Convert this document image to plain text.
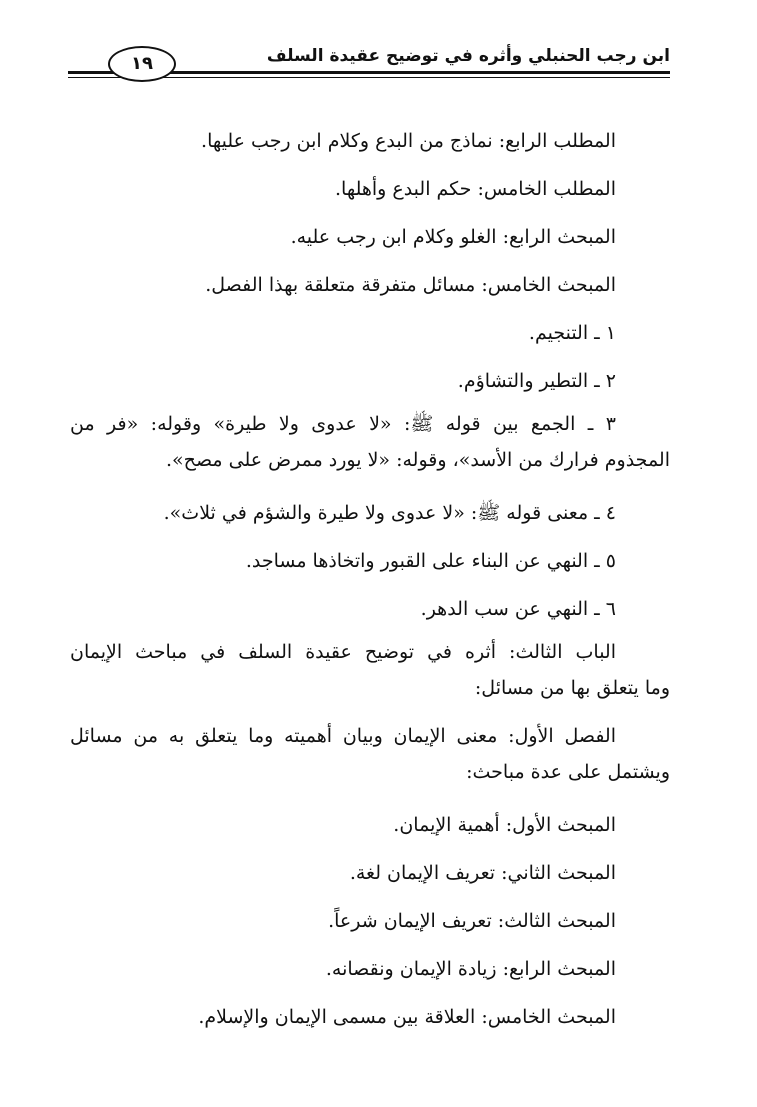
ابن رجب الحنبلي وأثره في توضيح عقيدة السلف
١٩
المطلب الرابع: نماذج من البدع وكلام ابن رجب عليها.
المطلب الخامس: حكم البدع وأهلها.
المبحث الرابع: الغلو وكلام ابن رجب عليه.
المبحث الخامس: مسائل متفرقة متعلقة بهذا الفصل.
١ ـ التنجيم.
٢ ـ التطير والتشاؤم.
٣ ـ الجمع بين قوله ﷺ: «لا عدوى ولا طيرة» وقوله: «فر من
المجذوم فرارك من الأسد»، وقوله: «لا يورد ممرض على مصح».
٤ ـ معنى قوله ﷺ: «لا عدوى ولا طيرة والشؤم في ثلاث».
٥ ـ النهي عن البناء على القبور واتخاذها مساجد.
٦ ـ النهي عن سب الدهر.
الباب الثالث: أثره في توضيح عقيدة السلف في مباحث الإيمان
وما يتعلق بها من مسائل:
الفصل الأول: معنى الإيمان وبيان أهميته وما يتعلق به من مسائل
ويشتمل على عدة مباحث:
المبحث الأول: أهمية الإيمان.
المبحث الثاني: تعريف الإيمان لغة.
المبحث الثالث: تعريف الإيمان شرعاً.
المبحث الرابع: زيادة الإيمان ونقصانه.
المبحث الخامس: العلاقة بين مسمى الإيمان والإسلام.
